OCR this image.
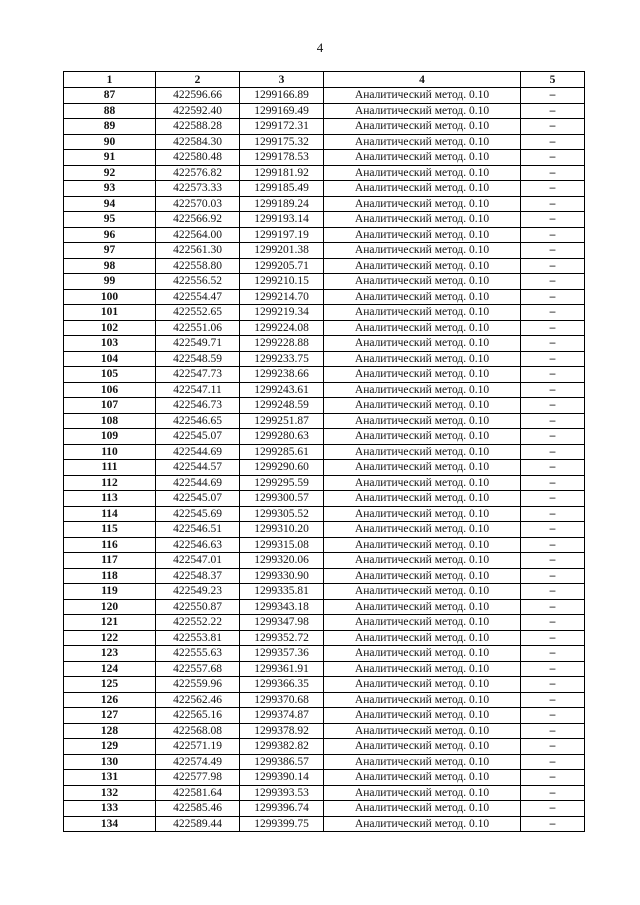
4
1	2	3	4	5
87	422596.66	1299166.89	Аналитический метод. 0.10	–
88	422592.40	1299169.49	Аналитический метод. 0.10	–
89	422588.28	1299172.31	Аналитический метод. 0.10	–
90	422584.30	1299175.32	Аналитический метод. 0.10	–
91	422580.48	1299178.53	Аналитический метод. 0.10	–
92	422576.82	1299181.92	Аналитический метод. 0.10	–
93	422573.33	1299185.49	Аналитический метод. 0.10	–
94	422570.03	1299189.24	Аналитический метод. 0.10	–
95	422566.92	1299193.14	Аналитический метод. 0.10	–
96	422564.00	1299197.19	Аналитический метод. 0.10	–
97	422561.30	1299201.38	Аналитический метод. 0.10	–
98	422558.80	1299205.71	Аналитический метод. 0.10	–
99	422556.52	1299210.15	Аналитический метод. 0.10	–
100	422554.47	1299214.70	Аналитический метод. 0.10	–
101	422552.65	1299219.34	Аналитический метод. 0.10	–
102	422551.06	1299224.08	Аналитический метод. 0.10	–
103	422549.71	1299228.88	Аналитический метод. 0.10	–
104	422548.59	1299233.75	Аналитический метод. 0.10	–
105	422547.73	1299238.66	Аналитический метод. 0.10	–
106	422547.11	1299243.61	Аналитический метод. 0.10	–
107	422546.73	1299248.59	Аналитический метод. 0.10	–
108	422546.65	1299251.87	Аналитический метод. 0.10	–
109	422545.07	1299280.63	Аналитический метод. 0.10	–
110	422544.69	1299285.61	Аналитический метод. 0.10	–
111	422544.57	1299290.60	Аналитический метод. 0.10	–
112	422544.69	1299295.59	Аналитический метод. 0.10	–
113	422545.07	1299300.57	Аналитический метод. 0.10	–
114	422545.69	1299305.52	Аналитический метод. 0.10	–
115	422546.51	1299310.20	Аналитический метод. 0.10	–
116	422546.63	1299315.08	Аналитический метод. 0.10	–
117	422547.01	1299320.06	Аналитический метод. 0.10	–
118	422548.37	1299330.90	Аналитический метод. 0.10	–
119	422549.23	1299335.81	Аналитический метод. 0.10	–
120	422550.87	1299343.18	Аналитический метод. 0.10	–
121	422552.22	1299347.98	Аналитический метод. 0.10	–
122	422553.81	1299352.72	Аналитический метод. 0.10	–
123	422555.63	1299357.36	Аналитический метод. 0.10	–
124	422557.68	1299361.91	Аналитический метод. 0.10	–
125	422559.96	1299366.35	Аналитический метод. 0.10	–
126	422562.46	1299370.68	Аналитический метод. 0.10	–
127	422565.16	1299374.87	Аналитический метод. 0.10	–
128	422568.08	1299378.92	Аналитический метод. 0.10	–
129	422571.19	1299382.82	Аналитический метод. 0.10	–
130	422574.49	1299386.57	Аналитический метод. 0.10	–
131	422577.98	1299390.14	Аналитический метод. 0.10	–
132	422581.64	1299393.53	Аналитический метод. 0.10	–
133	422585.46	1299396.74	Аналитический метод. 0.10	–
134	422589.44	1299399.75	Аналитический метод. 0.10	–
